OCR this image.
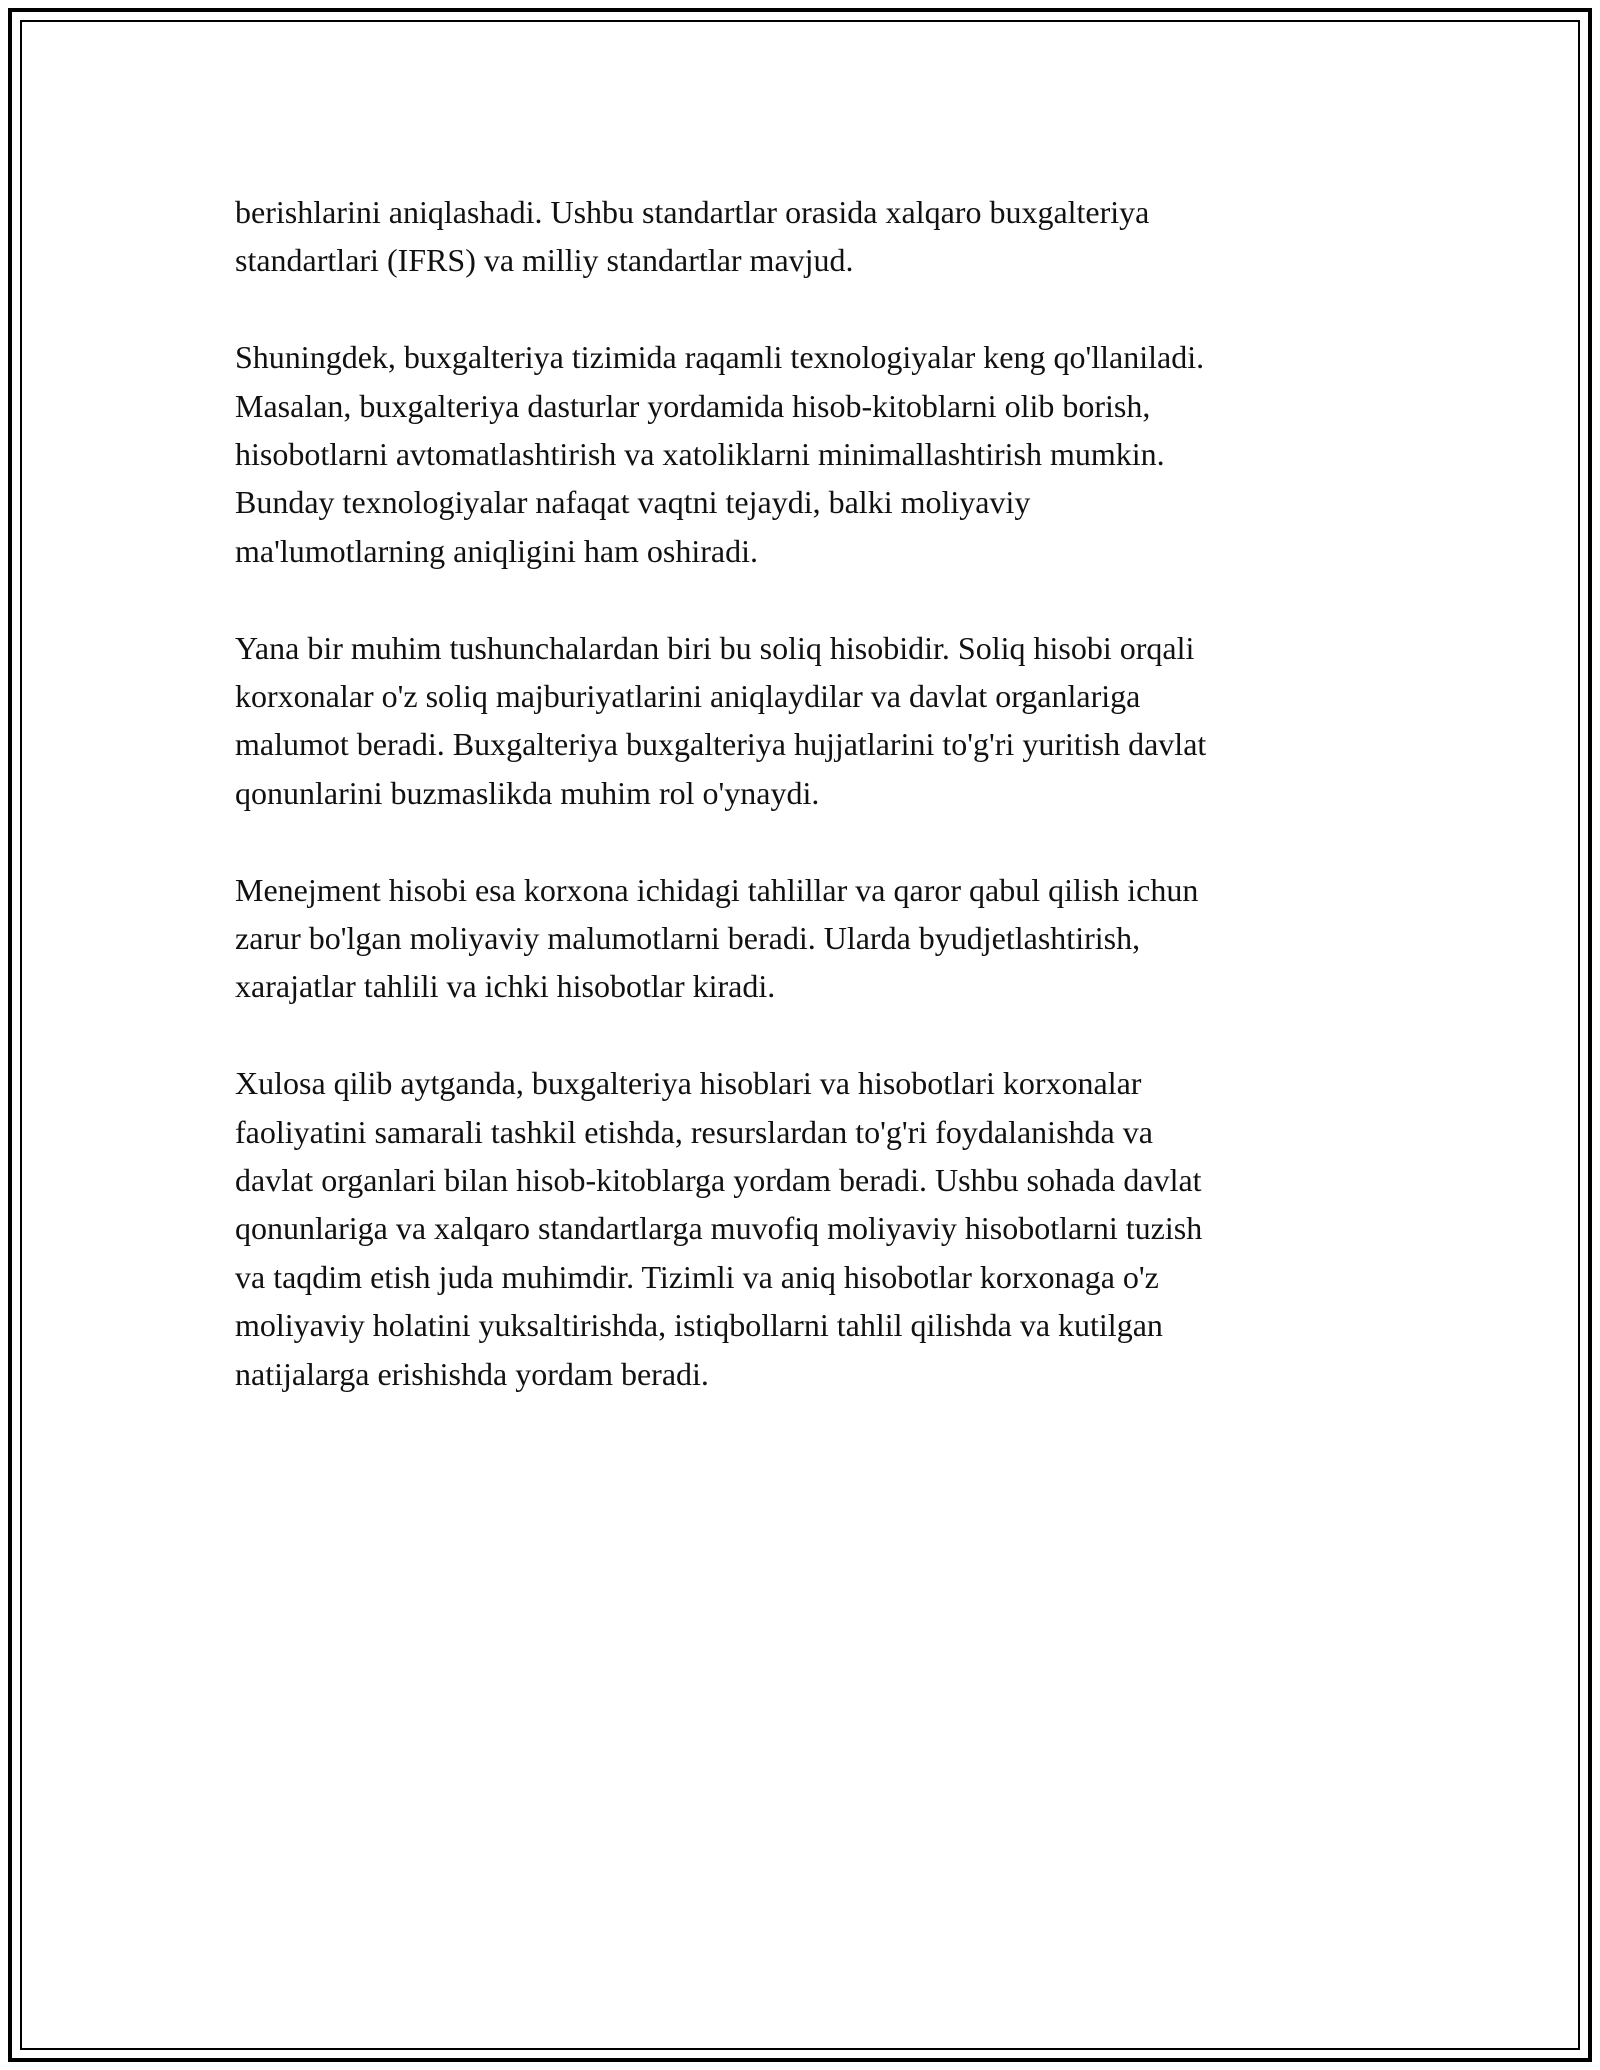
berishlarini aniqlashadi. Ushbu standartlar orasida xalqaro buxgalteriya
standartlari (IFRS) va milliy standartlar mavjud.

Shuningdek, buxgalteriya tizimida raqamli texnologiyalar keng qo'llaniladi.
Masalan, buxgalteriya dasturlar yordamida hisob-kitoblarni olib borish,
hisobotlarni avtomatlashtirish va xatoliklarni minimallashtirish mumkin.
Bunday texnologiyalar nafaqat vaqtni tejaydi, balki moliyaviy
ma'lumotlarning aniqligini ham oshiradi.

Yana bir muhim tushunchalardan biri bu soliq hisobidir. Soliq hisobi orqali
korxonalar o'z soliq majburiyatlarini aniqlaydilar va davlat organlariga
malumot beradi. Buxgalteriya buxgalteriya hujjatlarini to'g'ri yuritish davlat
qonunlarini buzmaslikda muhim rol o'ynaydi.

Menejment hisobi esa korxona ichidagi tahlillar va qaror qabul qilish ichun
zarur bo'lgan moliyaviy malumotlarni beradi. Ularda byudjetlashtirish,
xarajatlar tahlili va ichki hisobotlar kiradi.

Xulosa qilib aytganda, buxgalteriya hisoblari va hisobotlari korxonalar
faoliyatini samarali tashkil etishda, resurslardan to'g'ri foydalanishda va
davlat organlari bilan hisob-kitoblarga yordam beradi. Ushbu sohada davlat
qonunlariga va xalqaro standartlarga muvofiq moliyaviy hisobotlarni tuzish
va taqdim etish juda muhimdir. Tizimli va aniq hisobotlar korxonaga o'z
moliyaviy holatini yuksaltirishda, istiqbollarni tahlil qilishda va kutilgan
natijalarga erishishda yordam beradi.
